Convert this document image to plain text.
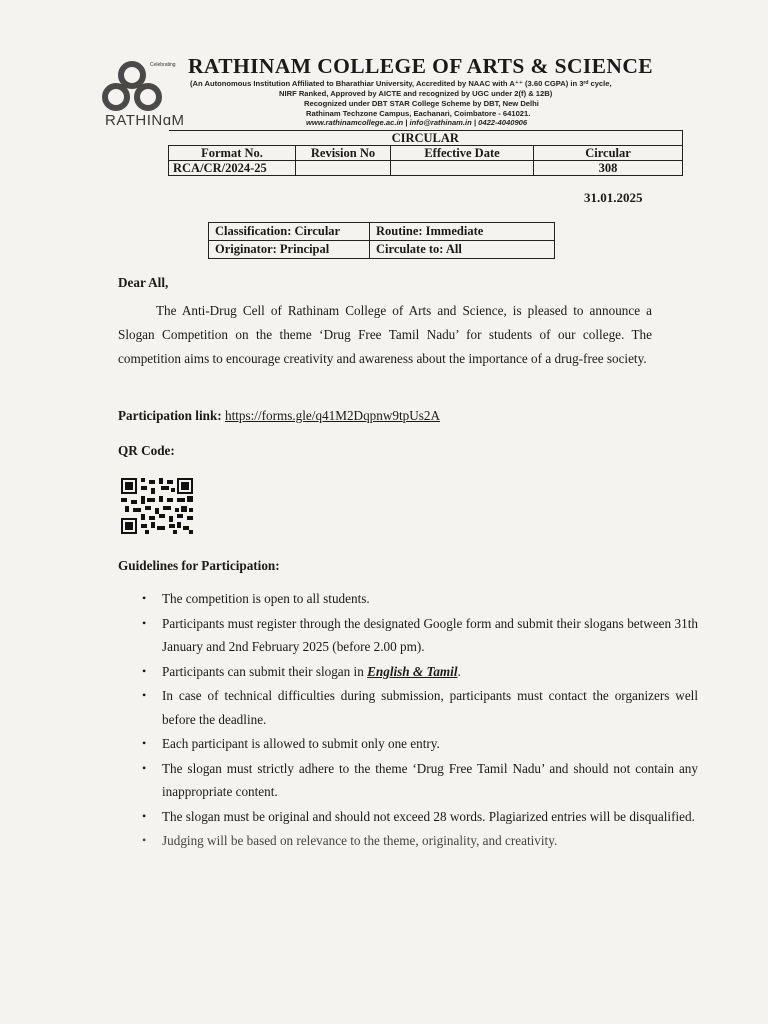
Celebrating
RATHINɑM
RATHINAM COLLEGE OF ARTS & SCIENCE
(An Autonomous Institution Affiliated to Bharathiar University, Accredited by NAAC with A⁺⁺ (3.60 CGPA) in 3ʳᵈ cycle,
NIRF Ranked, Approved by AICTE and recognized by UGC under 2(f) & 12B)
Recognized under DBT STAR College Scheme by DBT, New Delhi
Rathinam Techzone Campus, Eachanari, Coimbatore - 641021.
www.rathinamcollege.ac.in | info@rathinam.in | 0422-4040906
CIRCULAR			
Format No.	Revision No	Effective Date	Circular
RCA/CR/2024-25			308
31.01.2025
Classification: Circular	Routine: Immediate
Originator: Principal	Circulate to: All
Dear All,
The Anti-Drug Cell of Rathinam College of Arts and Science, is pleased to announce a Slogan Competition on the theme ‘Drug Free Tamil Nadu’ for students of our college. The competition aims to encourage creativity and awareness about the importance of a drug-free society.
Participation link: https://forms.gle/q41M2Dqpnw9tpUs2A
QR Code:
Guidelines for Participation:
• The competition is open to all students.
• Participants must register through the designated Google form and submit their slogans between 31th January and 2nd February 2025 (before 2.00 pm).
• Participants can submit their slogan in English & Tamil.
• In case of technical difficulties during submission, participants must contact the organizers well before the deadline.
• Each participant is allowed to submit only one entry.
• The slogan must strictly adhere to the theme ‘Drug Free Tamil Nadu’ and should not contain any inappropriate content.
• The slogan must be original and should not exceed 28 words. Plagiarized entries will be disqualified.
• Judging will be based on relevance to the theme, originality, and creativity.
